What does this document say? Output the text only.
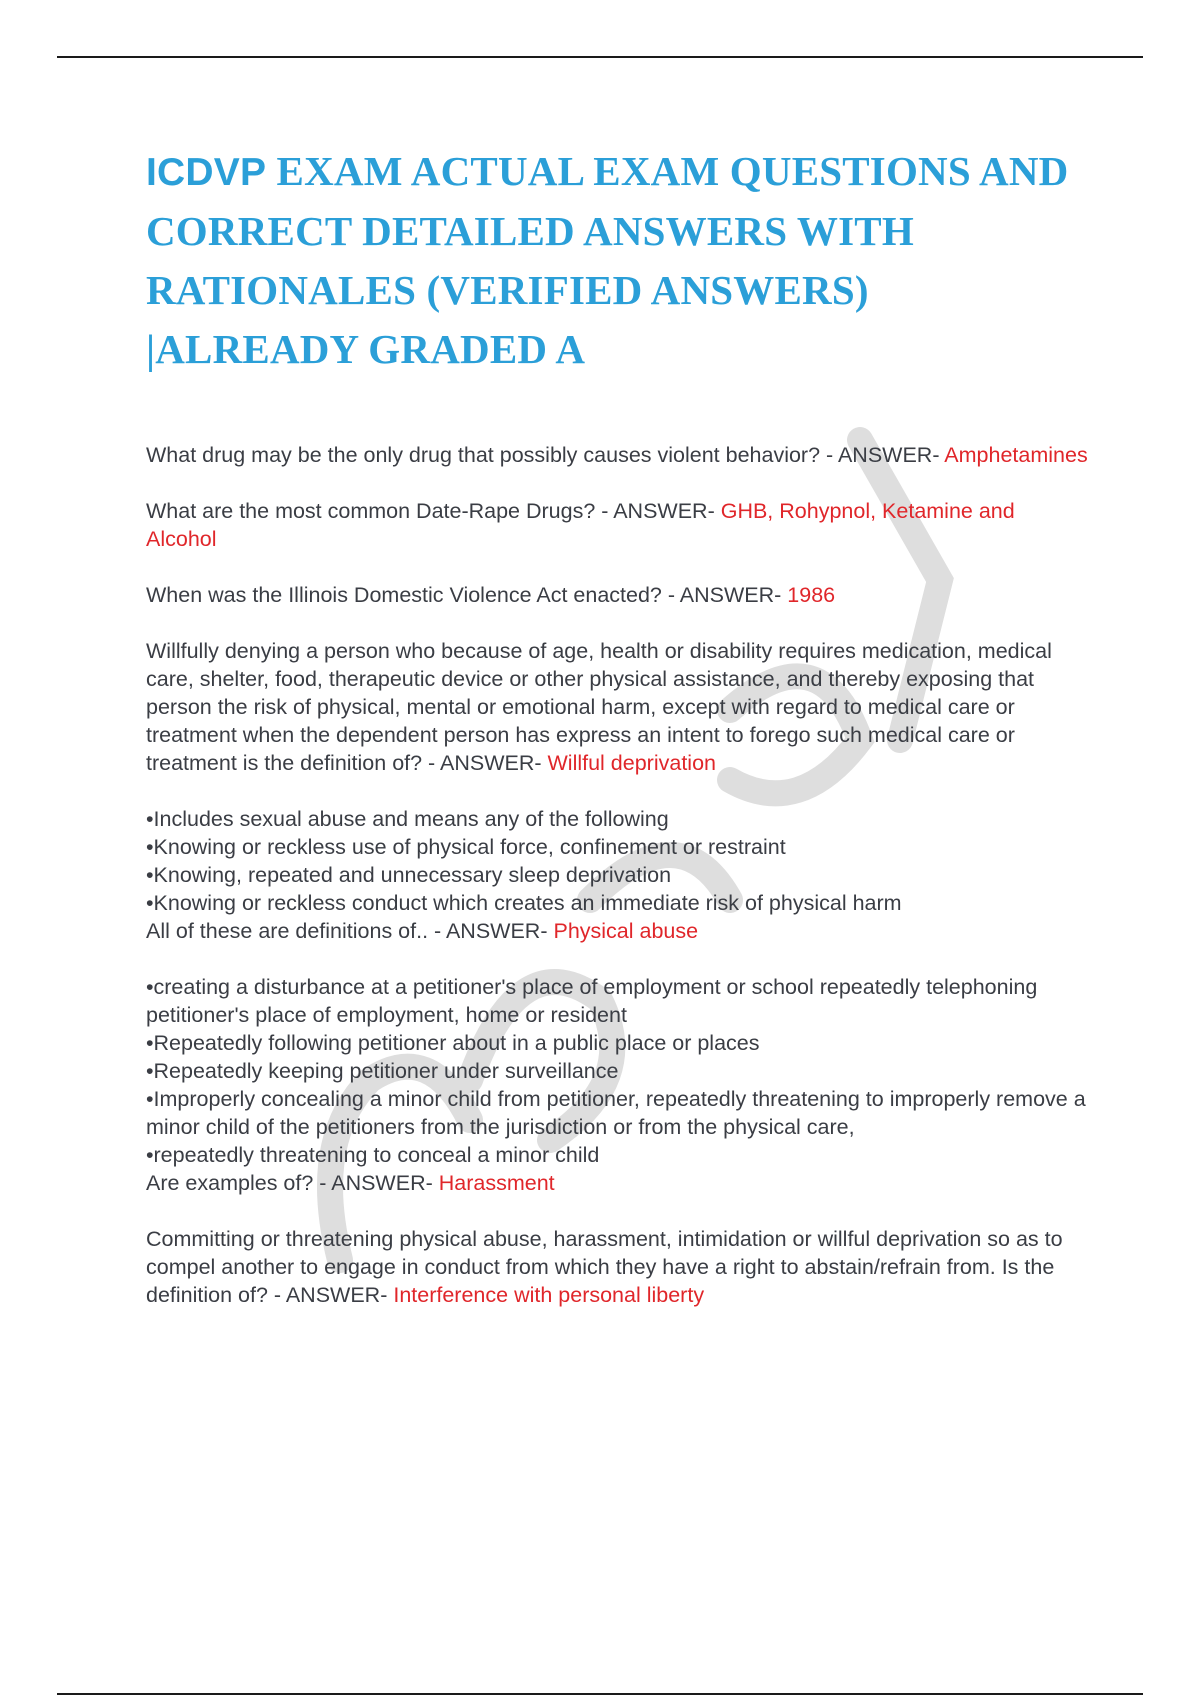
ICDVP EXAM ACTUAL EXAM QUESTIONS AND CORRECT DETAILED ANSWERS WITH RATIONALES (VERIFIED ANSWERS) |ALREADY GRADED A

What drug may be the only drug that possibly causes violent behavior? - ANSWER- Amphetamines

What are the most common Date-Rape Drugs? - ANSWER- GHB, Rohypnol, Ketamine and Alcohol

When was the Illinois Domestic Violence Act enacted? - ANSWER- 1986

Willfully denying a person who because of age, health or disability requires medication, medical care, shelter, food, therapeutic device or other physical assistance, and thereby exposing that person the risk of physical, mental or emotional harm, except with regard to medical care or treatment when the dependent person has express an intent to forego such medical care or treatment is the definition of? - ANSWER- Willful deprivation

•Includes sexual abuse and means any of the following
•Knowing or reckless use of physical force, confinement or restraint
•Knowing, repeated and unnecessary sleep deprivation
•Knowing or reckless conduct which creates an immediate risk of physical harm
All of these are definitions of.. - ANSWER- Physical abuse

•creating a disturbance at a petitioner's place of employment or school repeatedly telephoning petitioner's place of employment, home or resident
•Repeatedly following petitioner about in a public place or places
•Repeatedly keeping petitioner under surveillance
•Improperly concealing a minor child from petitioner, repeatedly threatening to improperly remove a minor child of the petitioners from the jurisdiction or from the physical care,
•repeatedly threatening to conceal a minor child
Are examples of? - ANSWER- Harassment

Committing or threatening physical abuse, harassment, intimidation or willful deprivation so as to compel another to engage in conduct from which they have a right to abstain/refrain from. Is the definition of? - ANSWER- Interference with personal liberty
